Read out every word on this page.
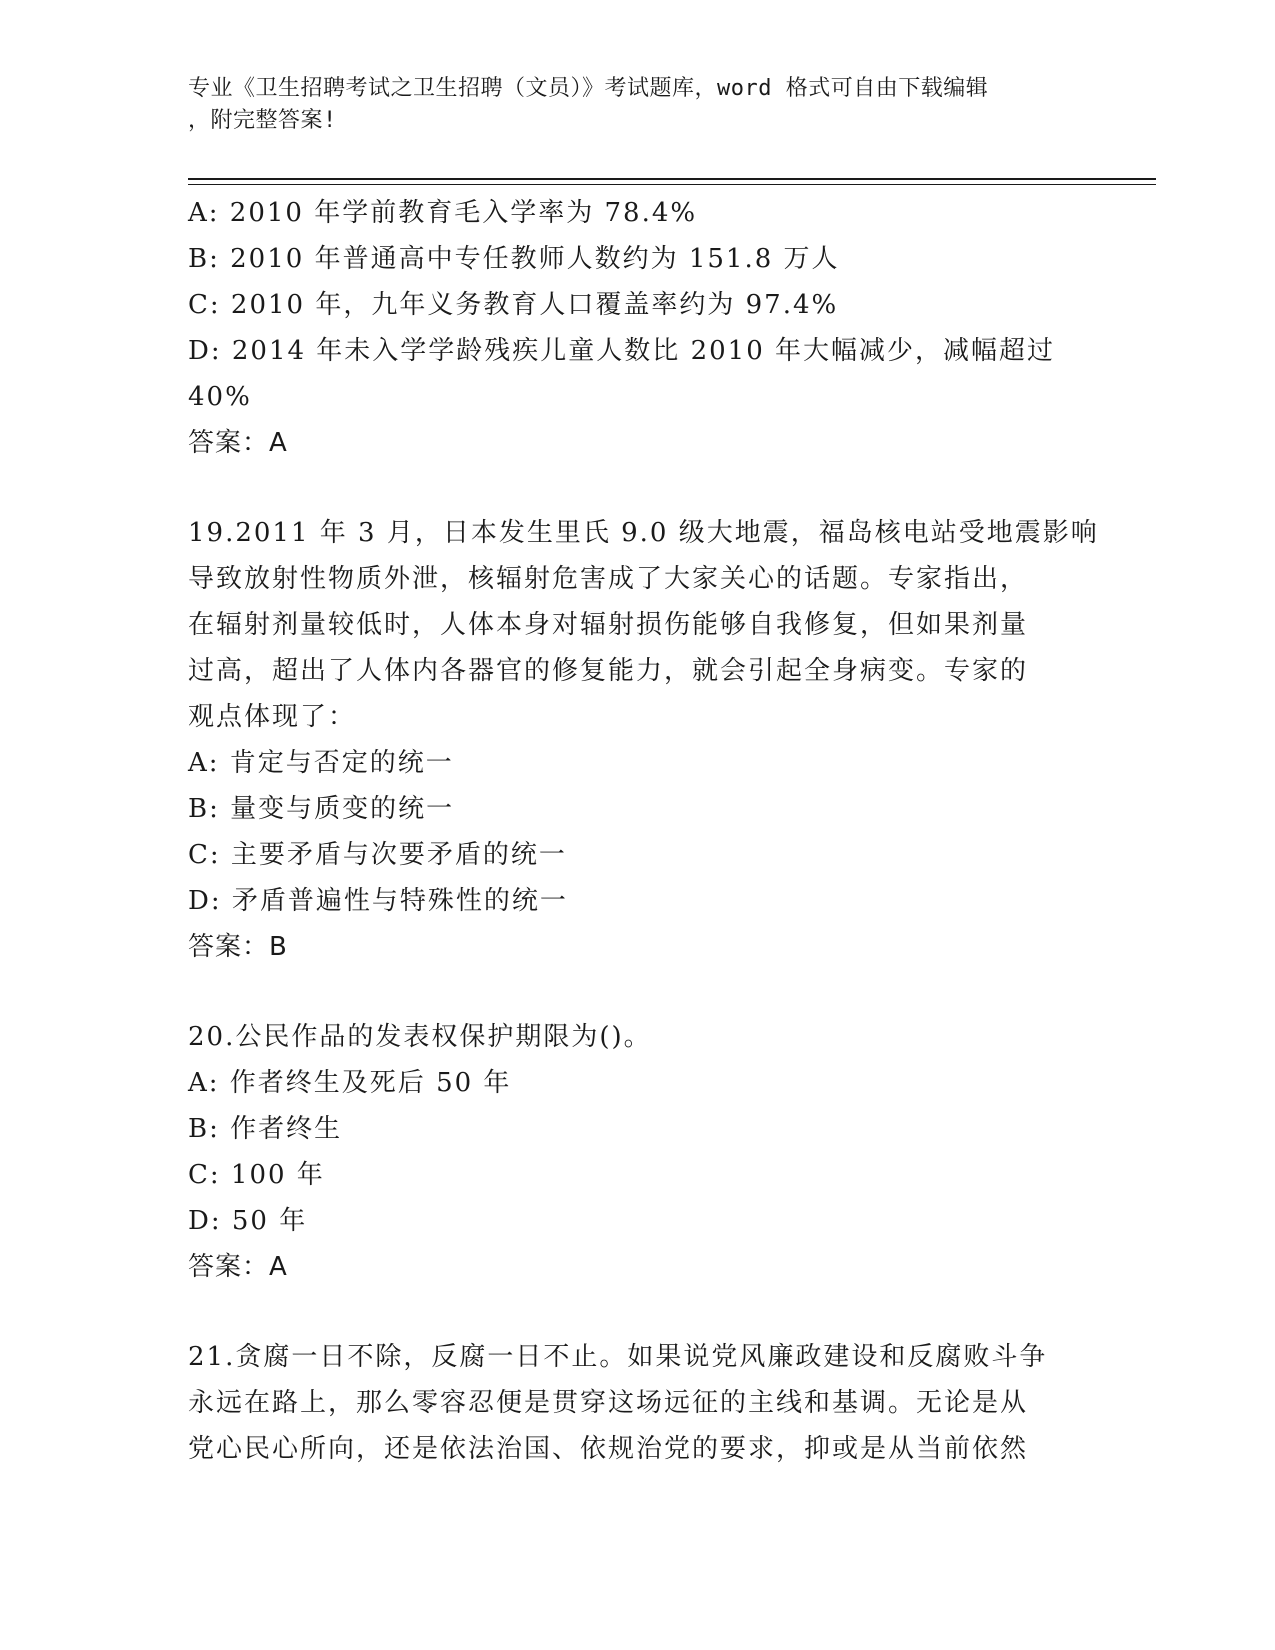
专业《卫生招聘考试之卫生招聘（文员）》考试题库，word 格式可自由下载编辑
，附完整答案!
A: 2010 年学前教育毛入学率为 78.4%
B: 2010 年普通高中专任教师人数约为 151.8 万人
C: 2010 年，九年义务教育人口覆盖率约为 97.4%
D: 2014 年未入学学龄残疾儿童人数比 2010 年大幅减少，减幅超过
40%
答案：A
19.2011 年 3 月，日本发生里氏 9.0 级大地震，福岛核电站受地震影响
导致放射性物质外泄，核辐射危害成了大家关心的话题。专家指出，
在辐射剂量较低时，人体本身对辐射损伤能够自我修复，但如果剂量
过高，超出了人体内各器官的修复能力，就会引起全身病变。专家的
观点体现了：
A: 肯定与否定的统一
B: 量变与质变的统一
C: 主要矛盾与次要矛盾的统一
D: 矛盾普遍性与特殊性的统一
答案：B
20.公民作品的发表权保护期限为()。
A: 作者终生及死后 50 年
B: 作者终生
C: 100 年
D: 50 年
答案：A
21.贪腐一日不除，反腐一日不止。如果说党风廉政建设和反腐败斗争
永远在路上，那么零容忍便是贯穿这场远征的主线和基调。无论是从
党心民心所向，还是依法治国、依规治党的要求，抑或是从当前依然
